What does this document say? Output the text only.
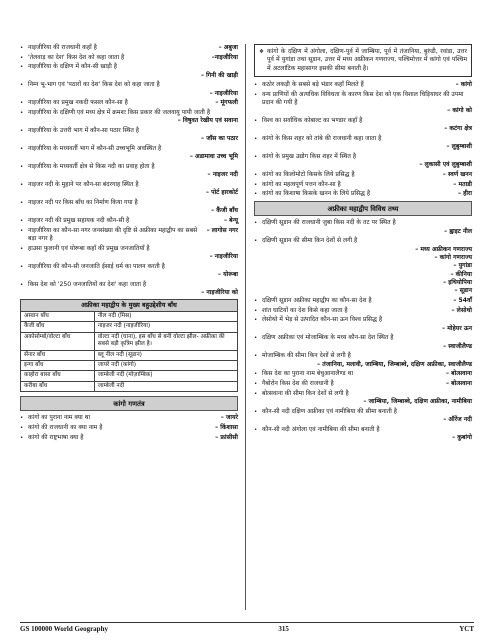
• नाइजीरिया की राजधानी कहाँ है	– अबुजा
• 'तेलवाड़ का देश' किस देश को कहा जाता है	–नाइजीरिया
• नाइजीरिया के दक्षिण में कौन-सी खाड़ी है
– गिनी की खाड़ी
• निम्न भू-भाग एवं 'पठारों का देश' किस देश को कहा जाता है
– नाइजीरिया
• नाइजीरिया का प्रमुख नकदी फसल कौन-सा है	– मूंगफली
• नाइजीरिया के दक्षिणी एवं मध्य क्षेत्र में क्रमशः किस प्रकार की जलवायु पायी जाती है
– विषुवत रेखीय एवं सवाना
• नाइजीरिया के उत्तरी भाग में कौन-सा पठार स्थित है
– जॉस का पठार
• नाइजीरिया के मध्यवर्ती भाग में कौन-सी उच्चभूमि अवस्थित है
– अडामावा उच्च भूमि
• नाइजीरिया के मध्यवर्ती क्षेत्र से किस नदी का प्रवाह होता है
– नाइजर नदी
• नाइजर नदी के मुहाने पर कौन-सा बंदरगाह स्थित है
– पोर्ट हारकोर्ट
• नाइजर नदी पर किस बाँध का निर्माण किया गया है
– कैंजी बाँध
• नाइजर नदी की प्रमुख सहायक नदी कौन-सी है	– बेन्यू
• नाइजीरिया का कौन-सा नगर जनसंख्या की दृष्टि से अफ्रीका महाद्वीप का सबसे बड़ा नगर है
– लागोस नगर
• हाउसा फुलानी एवं योरूबा कहाँ की प्रमुख जनजातियाँ है
– नाइजीरिया
• नाइजीरिया की कौन-सी जनजाति ईसाई धर्म का पालन करती है
– योरूबा
• किस देश को '250 जनजातियों का देश' कहा जाता है
– नाइजीरिया को
अफ्रीका महाद्वीप के मुख्य बहुउद्देशीय बाँध	
अस्वान बाँध	नील नदी (मिस्र)
कैंजी बाँध	नाइजर नदी (नाइजीरिया)
अकोसोम्बो/वोल्टा बाँध	वोल्टा नदी (घाना), इस बाँध से बनी वोल्टा झील- अफ्रीका की सबसे बड़ी कृत्रिम झील है।
सेंनार बाँध	ब्लू नील नदी (सूडान)
इन्गा बाँध	जायरे नदी (कांगो)
काहोरा बासा बाँध	जाम्बेजी नदी (मोज़ाम्बिक)
करीबा बाँध	जाम्बेजी नदी
कांगो गणतंत्र
• कांगो का पुराना नाम क्या था	– जायरे
• कांगो की राजधानी का क्या नाम है	– किंशासा
• कांगो की राष्ट्रभाषा क्या है	– फ्रांसीसी
❖ कांगो के दक्षिण में अंगोला, दक्षिण-पूर्व में जाम्बिया, पूर्व में तंजानिया, बुरुंडी, रवांडा, उत्तर पूर्व में युगांडा तथा सूडान, उत्तर में मध्य अफ्रीकन गणराज्य, पश्चिमोत्तर में कांगो एवं पश्चिम में अटलांटिक महासागर इसकी सीमा बनाती है।
• कठोर लकड़ी के सबसे बड़े भंडार कहाँ मिलते हैं	– कांगो
• वन्य प्राणियों की अत्यधिक विविधता के कारण किस देश को एक विशाल चिड़ियाघर की उपमा प्रदान की गयी है
– कांगो को
• विश्व का सर्वाधिक कोबाल्ट का भण्डार कहाँ है
– कटंगा क्षेत्र
• कांगो के किस शहर को तांबे की राजधानी कहा जाता है
– लुबुम्बाशी
• कांगो के प्रमुख उद्योग किस शहर में स्थित है
– लुकासी एवं लुबुम्बाशी
• कांगो का किलोमोटो किसके लिये प्रसिद्ध है	– स्वर्ण खनन
• कांगो का महत्वपूर्ण पत्तन कौन-सा है	– मताडी
• कांगो का किशाषा किसके खनन के लिये प्रसिद्ध है	– हीरा
अफ्रीका महाद्वीप विविध तथ्य
• दक्षिणी सूडान की राजधानी जुबा किस नदी के तट पर स्थित है
– ह्वाइट नील
• दक्षिणी सूडान की सीमा किन देशों से लगी है
– मध्य अफ्रीकन गणराज्य
– कांगो गणराज्य
– युगांडा
– कीनिया
– इथियोपिया
– सूडान
• दक्षिणी सूडान अफ्रीका महाद्वीप का कौन-सा देश है	– 54वाँ
• शांत घाटियों का देश किसे कहा जाता है	– लेसोथो
• लेसोथो में भेड़ से उत्पादित कौन-सा ऊन विश्व प्रसिद्ध है
– मोहेयर ऊन
• दक्षिण अफ्रीका एवं मोजाम्बिक के मध्य कौन-सा देश स्थित है
– स्वाजीलैण्ड
• मोजाम्बिक की सीमा किन देशों से लगी है
– तंजानिया, मलावी, जाम्बिया, जिम्बाब्वे, दक्षिण अफ्रीका, स्वाजीलैण्ड
• किस देश का पुराना नाम बेचुआनालैण्ड था	– बोत्सवाना
• गैबोरोन किस देश की राजधानी है	– बोत्सवाना
• बोत्सवाना की सीमा किन देशों से लगी है
– जाम्बिया, जिम्बाब्वे, दक्षिण अफ्रीका, नामीबिया
• कौन-सी नदी दक्षिण अफ्रीका एवं नामीबिया की सीमा बनाती है
– ऑरेंज नदी
• कौन-सी नदी अंगोला एवं नामीबिया की सीमा बनाती है
– कुबांगो
GS 100000 World Geography	315	YCT
